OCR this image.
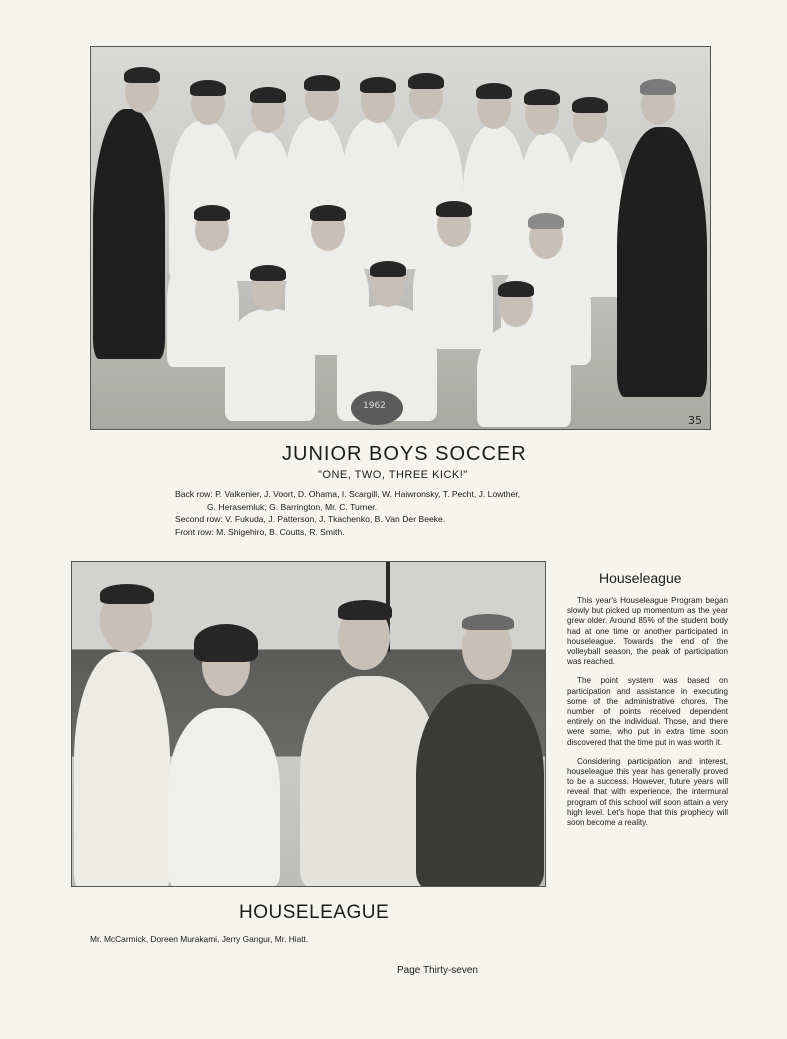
1962
35
JUNIOR BOYS SOCCER
"ONE, TWO, THREE KICK!"
Back row: P. Valkenier, J. Voort, D. Ohama, I. Scargill, W. Haiwronsky, T. Pecht, J. Lowther,
G. Herasemluk, G. Barrington, Mr. C. Turner.
Second row: V. Fukuda, J. Patterson, J. Tkachenko, B. Van Der Beeke.
Front row: M. Shigehiro, B. Coutts, R. Smith.
Houseleague

This year's Houseleague Program began slowly but picked up momentum as the year grew older. Around 85% of the student body had at one time or another participated in houseleague. Towards the end of the volleyball season, the peak of participation was reached.

The point system was based on participation and assistance in executing some of the administrative chores. The number of points received dependent entirely on the individual. Those, and there were some, who put in extra time soon discovered that the time put in was worth it.

Considering participation and interest, houseleague this year has generally proved to be a success. However, future years will reveal that with experience, the intermural program of this school will soon attain a very high level. Let's hope that this prophecy will soon become a reality.

HOUSELEAGUE
Mr. McCarmick, Doreen Murakami, Jerry Gangur, Mr. Hiatt.
Page Thirty-seven
